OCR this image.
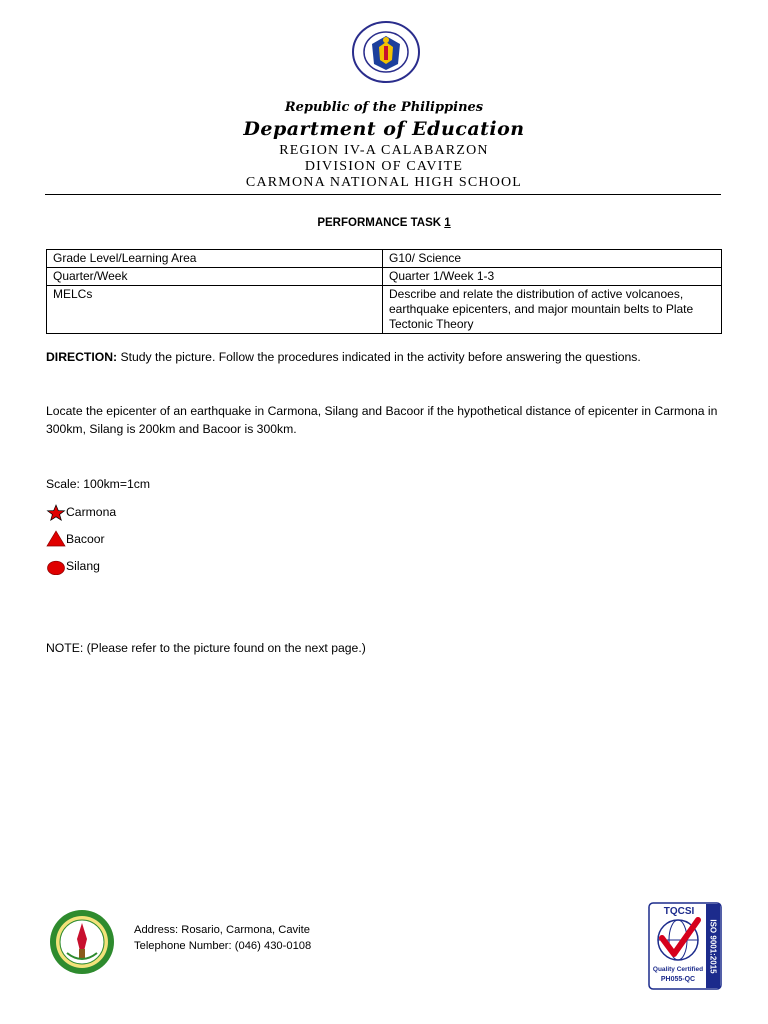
Republic of the Philippines
Department of Education
REGION IV-A CALABARZON
DIVISION OF CAVITE
CARMONA NATIONAL HIGH SCHOOL
PERFORMANCE TASK 1
Grade Level/Learning Area	G10/ Science
Quarter/Week	Quarter 1/Week 1-3
MELCs	Describe and relate the distribution of active volcanoes, earthquake epicenters, and major mountain belts to Plate Tectonic Theory
DIRECTION: Study the picture. Follow the procedures indicated in the activity before answering the questions.
Locate the epicenter of an earthquake in Carmona, Silang and Bacoor if the hypothetical distance of epicenter in Carmona in 300km, Silang is 200km and Bacoor is 300km.
Scale: 100km=1cm
Carmona
Bacoor
Silang
NOTE: (Please refer to the picture found on the next page.)
Address: Rosario, Carmona, Cavite
Telephone Number: (046) 430-0108
TQCSI
Quality Certified
PH055-QC
ISO 9001:2015
